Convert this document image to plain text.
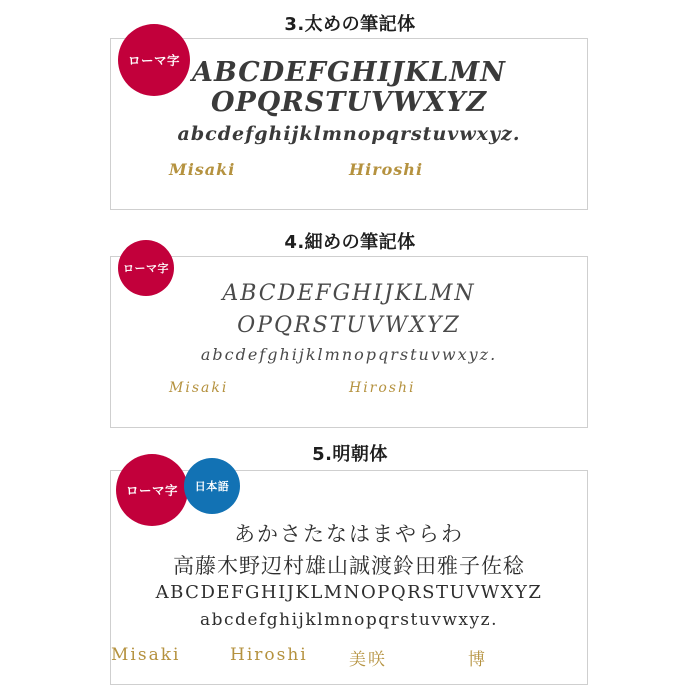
3.太めの筆記体
ローマ字 ABCDEFGHIJKLMN
OPQRSTUVWXYZ
abcdefghijklmnopqrstuvwxyz.
Misaki	Hiroshi
4.細めの筆記体
ローマ字
ABCDEFGHIJKLMN
OPQRSTUVWXYZ
abcdefghijklmnopqrstuvwxyz.
Misaki	Hiroshi
5.明朝体
ローマ字	日本語
あかさたなはまやらわ
高藤木野辺村雄山誠渡鈴田雅子佐稔
ABCDEFGHIJKLMNOPQRSTUVWXYZ
abcdefghijklmnopqrstuvwxyz.
Misaki	Hiroshi	美咲	博
